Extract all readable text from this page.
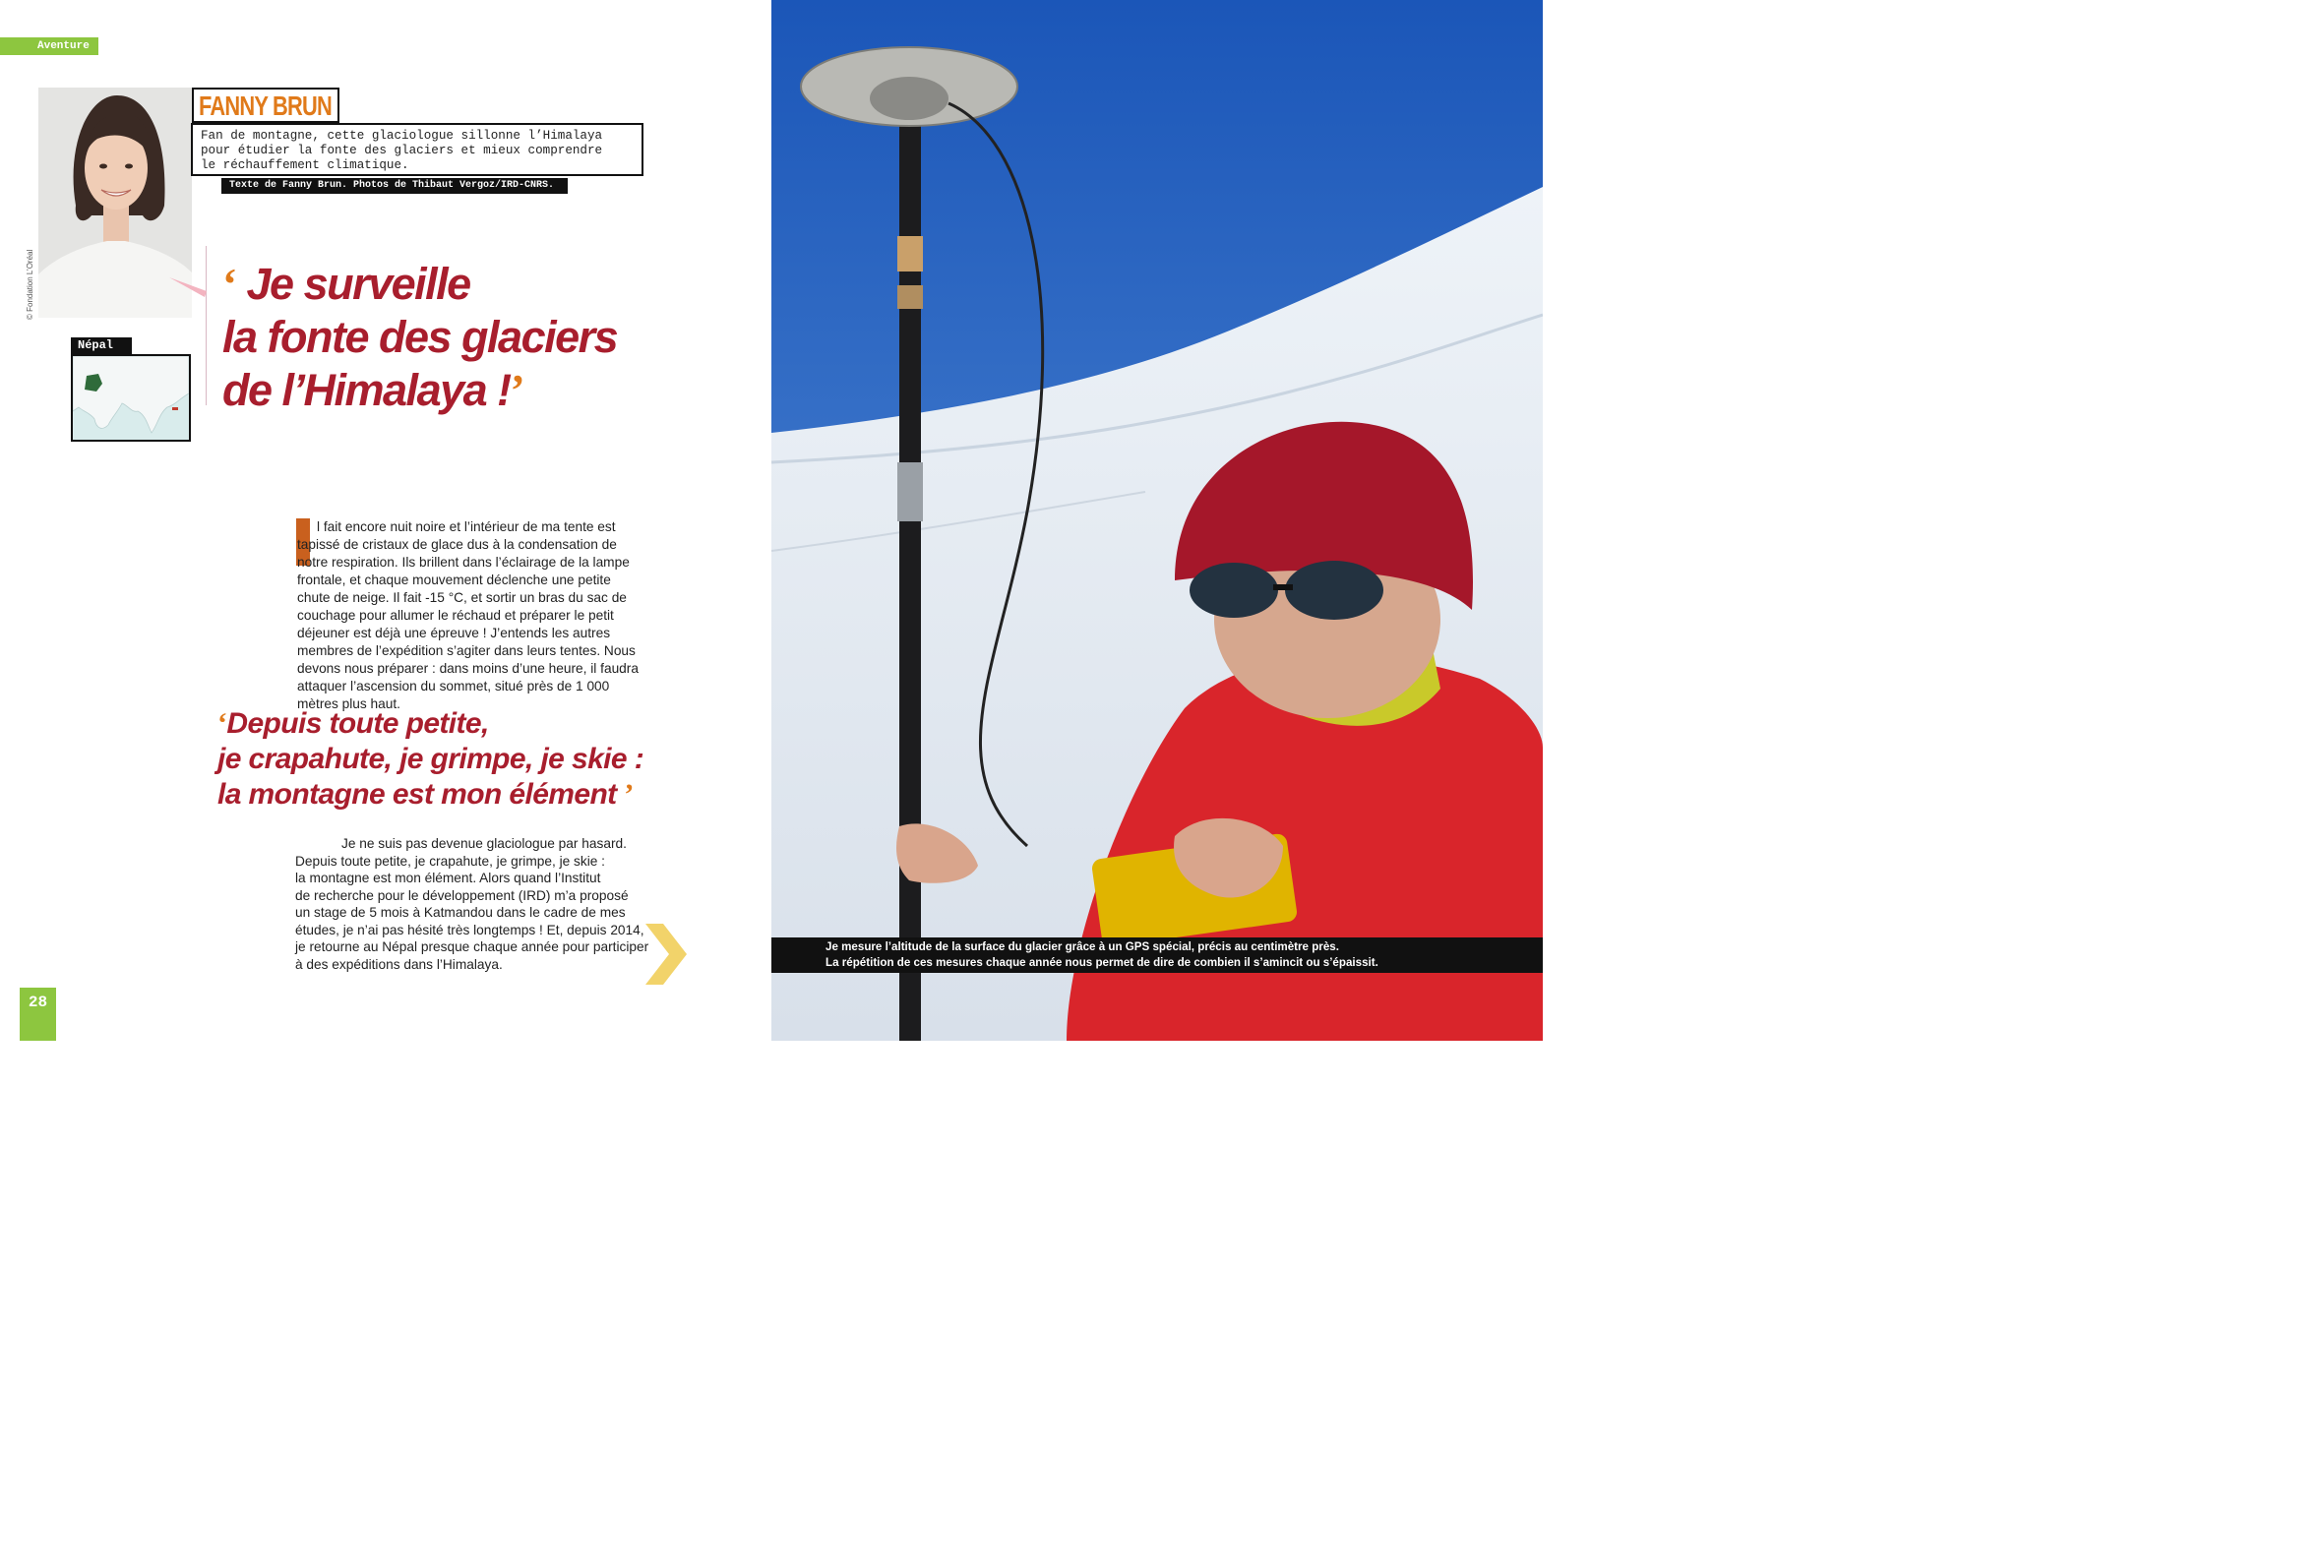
Aventure
© Fondation L’Oréal
FANNY BRUN
Fan de montagne, cette glaciologue sillonne l’Himalaya
pour étudier la fonte des glaciers et mieux comprendre
le réchauffement climatique.
Texte de Fanny Brun. Photos de Thibaut Vergoz/IRD-CNRS.
Népal
‘ Je surveille
la fonte des glaciers
de l’Himalaya !’

l fait encore nuit noire et l’intérieur de ma tente est tapissé de cristaux de glace dus à la condensation de notre respiration. Ils brillent dans l’éclairage de la lampe frontale, et chaque mouvement déclenche une petite chute de neige. Il fait -15 °C, et sortir un bras du sac de couchage pour allumer le réchaud et préparer le petit déjeuner est déjà une épreuve ! J’entends les autres membres de l’expédition s’agiter dans leurs tentes. Nous devons nous préparer : dans moins d’une heure, il faudra attaquer l’ascension du sommet, situé près de 1 000 mètres plus haut.

‘Depuis toute petite,
je crapahute, je grimpe, je skie :
la montagne est mon élément ’
Je ne suis pas devenue glaciologue par hasard.
Depuis toute petite, je crapahute, je grimpe, je skie :
la montagne est mon élément. Alors quand l’Institut
de recherche pour le développement (IRD) m’a proposé
un stage de 5 mois à Katmandou dans le cadre de mes
études, je n’ai pas hésité très longtemps ! Et, depuis 2014,
je retourne au Népal presque chaque année pour participer
à des expéditions dans l’Himalaya.
28
Je mesure l’altitude de la surface du glacier grâce à un GPS spécial, précis au centimètre près.
La répétition de ces mesures chaque année nous permet de dire de combien il s’amincit ou s’épaissit.
